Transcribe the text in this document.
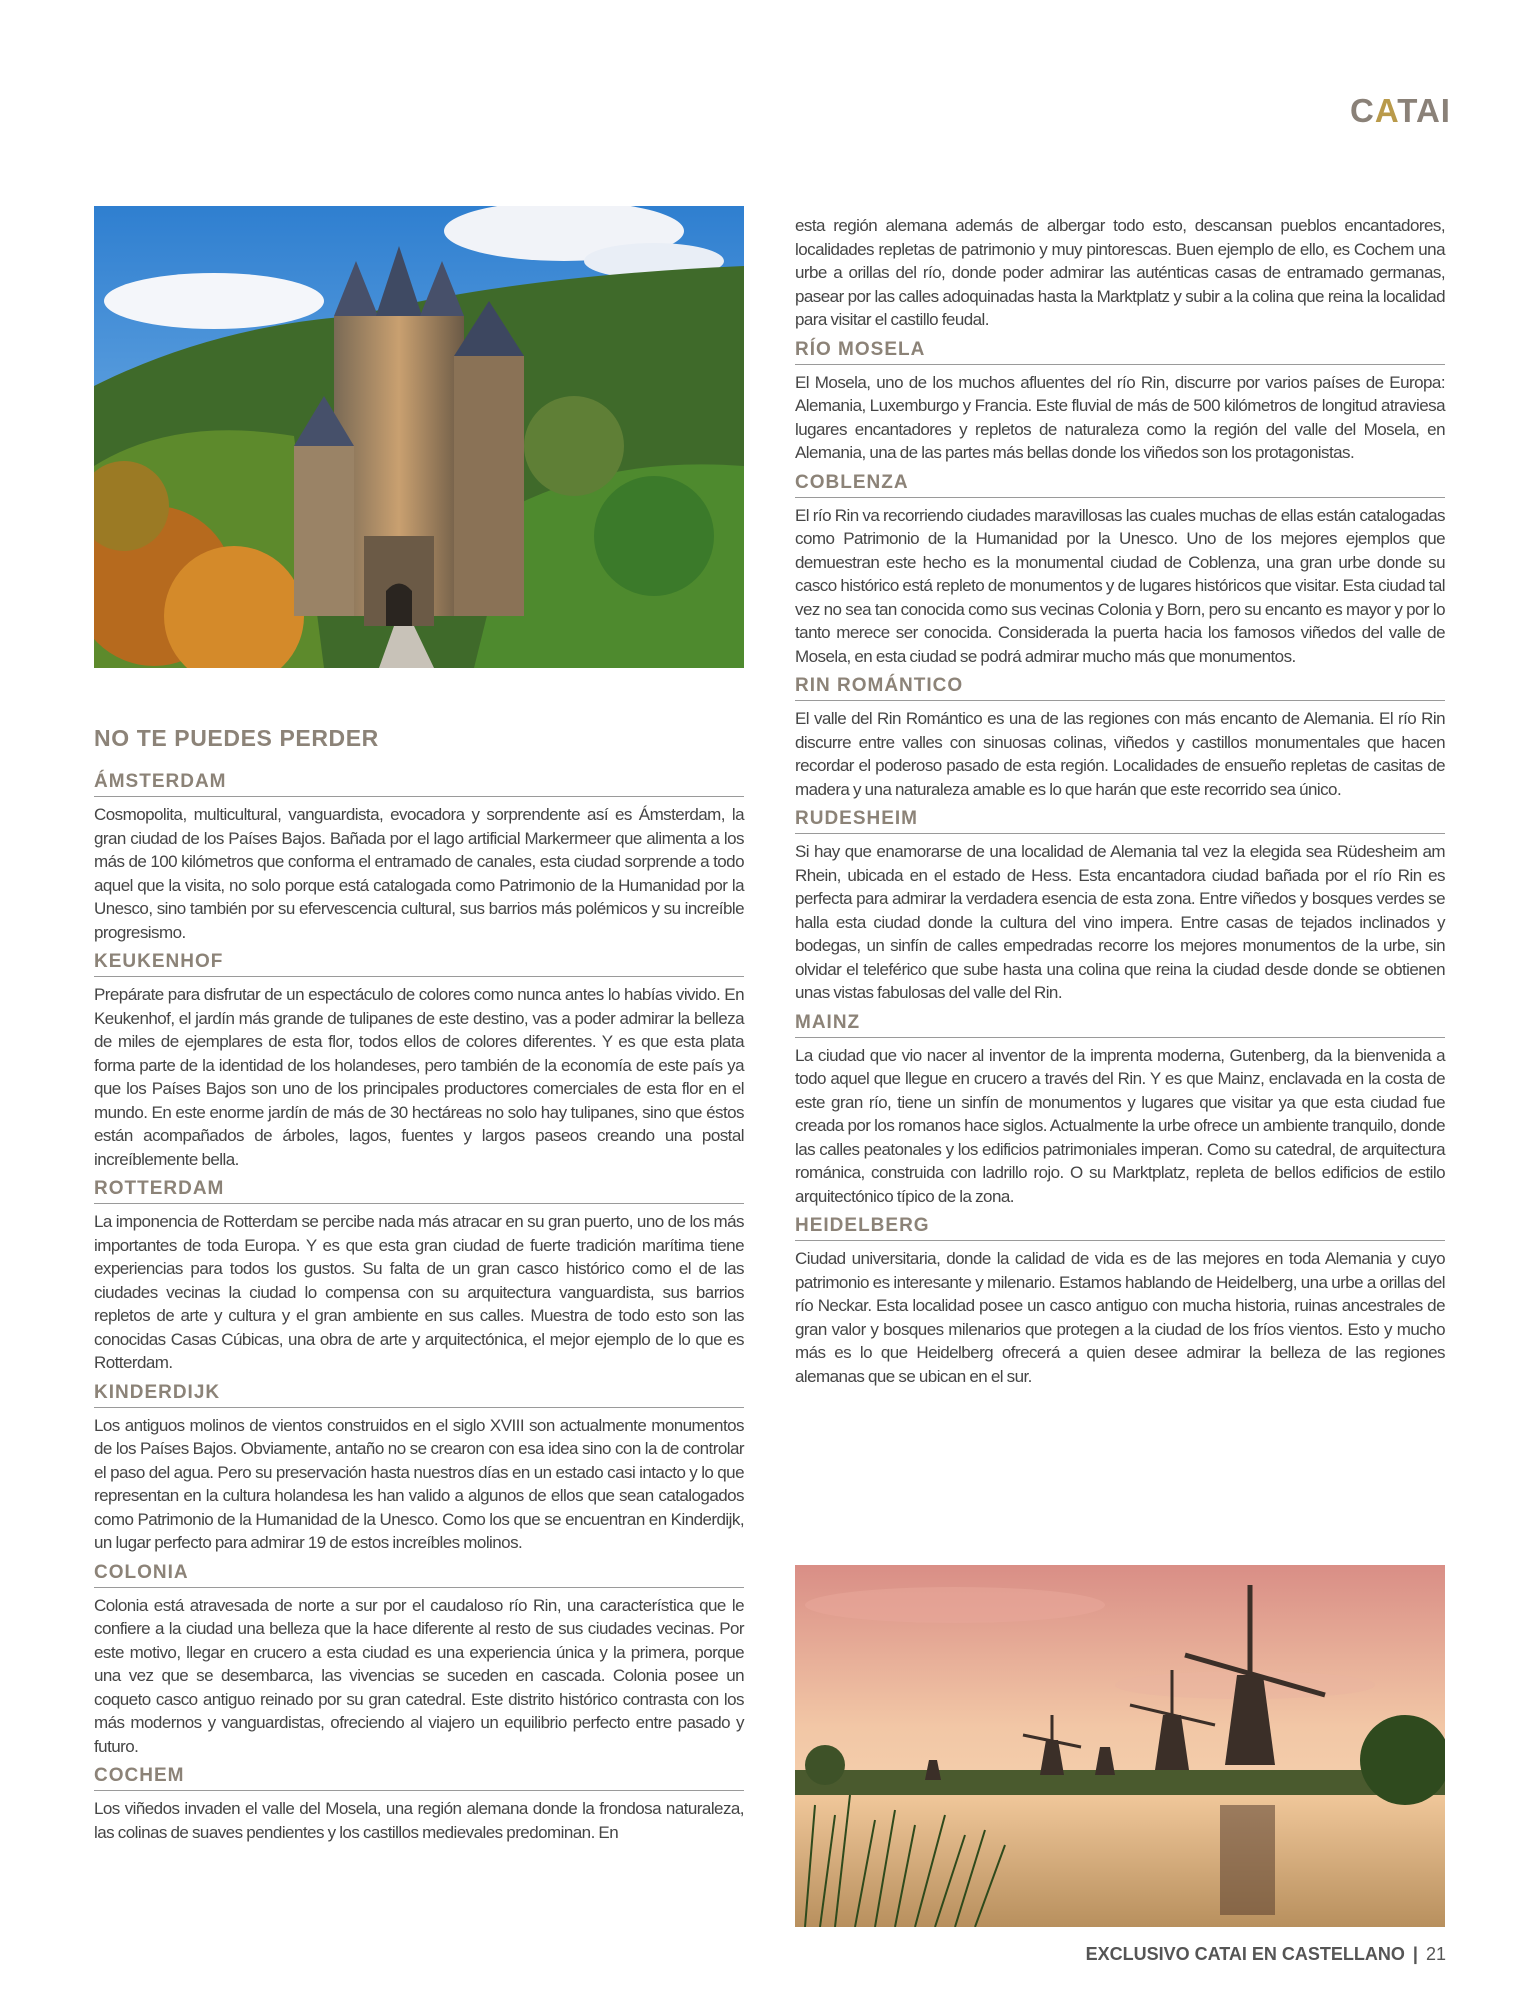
CATAI
NO TE PUEDES PERDER
ÁMSTERDAM

Cosmopolita, multicultural, vanguardista, evocadora y sorprendente así es Ámsterdam, la gran ciudad de los Países Bajos. Bañada por el lago artificial Markermeer que alimenta a los más de 100 kilómetros que conforma el entramado de canales, esta ciudad sorprende a todo aquel que la visita, no solo porque está catalogada como Patrimonio de la Humanidad por la Unesco, sino también por su efervescencia cultural, sus barrios más polémicos y su increíble progresismo.

KEUKENHOF

Prepárate para disfrutar de un espectáculo de colores como nunca antes lo habías vivido. En Keukenhof, el jardín más grande de tulipanes de este destino, vas a poder admirar la belleza de miles de ejemplares de esta flor, todos ellos de colores diferentes. Y es que esta plata forma parte de la identidad de los holandeses, pero también de la economía de este país ya que los Países Bajos son uno de los principales productores comerciales de esta flor en el mundo. En este enorme jardín de más de 30 hectáreas no solo hay tulipanes, sino que éstos están acompañados de árboles, lagos, fuentes y largos paseos creando una postal increíblemente bella.

ROTTERDAM

La imponencia de Rotterdam se percibe nada más atracar en su gran puerto, uno de los más importantes de toda Europa. Y es que esta gran ciudad de fuerte tradición marítima tiene experiencias para todos los gustos. Su falta de un gran casco histórico como el de las ciudades vecinas la ciudad lo compensa con su arquitectura vanguardista, sus barrios repletos de arte y cultura y el gran ambiente en sus calles. Muestra de todo esto son las conocidas Casas Cúbicas, una obra de arte y arquitectónica, el mejor ejemplo de lo que es Rotterdam.

KINDERDIJK

Los antiguos molinos de vientos construidos en el siglo XVIII son actualmente monumentos de los Países Bajos. Obviamente, antaño no se crearon con esa idea sino con la de controlar el paso del agua. Pero su preservación hasta nuestros días en un estado casi intacto y lo que representan en la cultura holandesa les han valido a algunos de ellos que sean catalogados como Patrimonio de la Humanidad de la Unesco. Como los que se encuentran en Kinderdijk, un lugar perfecto para admirar 19 de estos increíbles molinos.

COLONIA

Colonia está atravesada de norte a sur por el caudaloso río Rin, una característica que le confiere a la ciudad una belleza que la hace diferente al resto de sus ciudades vecinas. Por este motivo, llegar en crucero a esta ciudad es una experiencia única y la primera, porque una vez que se desembarca, las vivencias se suceden en cascada. Colonia posee un coqueto casco antiguo reinado por su gran catedral. Este distrito histórico contrasta con los más modernos y vanguardistas, ofreciendo al viajero un equilibrio perfecto entre pasado y futuro.

COCHEM

Los viñedos invaden el valle del Mosela, una región alemana donde la frondosa naturaleza, las colinas de suaves pendientes y los castillos medievales predominan. En

esta región alemana además de albergar todo esto, descansan pueblos encantadores, localidades repletas de patrimonio y muy pintorescas. Buen ejemplo de ello, es Cochem una urbe a orillas del río, donde poder admirar las auténticas casas de entramado germanas, pasear por las calles adoquinadas hasta la Marktplatz y subir a la colina que reina la localidad para visitar el castillo feudal.

RÍO MOSELA

El Mosela, uno de los muchos afluentes del río Rin, discurre por varios países de Europa: Alemania, Luxemburgo y Francia. Este fluvial de más de 500 kilómetros de longitud atraviesa lugares encantadores y repletos de naturaleza como la región del valle del Mosela, en Alemania, una de las partes más bellas donde los viñedos son los protagonistas.

COBLENZA

El río Rin va recorriendo ciudades maravillosas las cuales muchas de ellas están catalogadas como Patrimonio de la Humanidad por la Unesco. Uno de los mejores ejemplos que demuestran este hecho es la monumental ciudad de Coblenza, una gran urbe donde su casco histórico está repleto de monumentos y de lugares históricos que visitar. Esta ciudad tal vez no sea tan conocida como sus vecinas Colonia y Born, pero su encanto es mayor y por lo tanto merece ser conocida. Considerada la puerta hacia los famosos viñedos del valle de Mosela, en esta ciudad se podrá admirar mucho más que monumentos.

RIN ROMÁNTICO

El valle del Rin Romántico es una de las regiones con más encanto de Alemania. El río Rin discurre entre valles con sinuosas colinas, viñedos y castillos monumentales que hacen recordar el poderoso pasado de esta región. Localidades de ensueño repletas de casitas de madera y una naturaleza amable es lo que harán que este recorrido sea único.

RUDESHEIM

Si hay que enamorarse de una localidad de Alemania tal vez la elegida sea Rüdesheim am Rhein, ubicada en el estado de Hess. Esta encantadora ciudad bañada por el río Rin es perfecta para admirar la verdadera esencia de esta zona. Entre viñedos y bosques verdes se halla esta ciudad donde la cultura del vino impera. Entre casas de tejados inclinados y bodegas, un sinfín de calles empedradas recorre los mejores monumentos de la urbe, sin olvidar el teleférico que sube hasta una colina que reina la ciudad desde donde se obtienen unas vistas fabulosas del valle del Rin.

MAINZ

La ciudad que vio nacer al inventor de la imprenta moderna, Gutenberg, da la bienvenida a todo aquel que llegue en crucero a través del Rin. Y es que Mainz, enclavada en la costa de este gran río, tiene un sinfín de monumentos y lugares que visitar ya que esta ciudad fue creada por los romanos hace siglos. Actualmente la urbe ofrece un ambiente tranquilo, donde las calles peatonales y los edificios patrimoniales imperan. Como su catedral, de arquitectura románica, construida con ladrillo rojo. O su Marktplatz, repleta de bellos edificios de estilo arquitectónico típico de la zona.

HEIDELBERG

Ciudad universitaria, donde la calidad de vida es de las mejores en toda Alemania y cuyo patrimonio es interesante y milenario. Estamos hablando de Heidelberg, una urbe a orillas del río Neckar. Esta localidad posee un casco antiguo con mucha historia, ruinas ancestrales de gran valor y bosques milenarios que protegen a la ciudad de los fríos vientos. Esto y mucho más es lo que Heidelberg ofrecerá a quien desee admirar la belleza de las regiones alemanas que se ubican en el sur.

EXCLUSIVO CATAI EN CASTELLANO | 21
